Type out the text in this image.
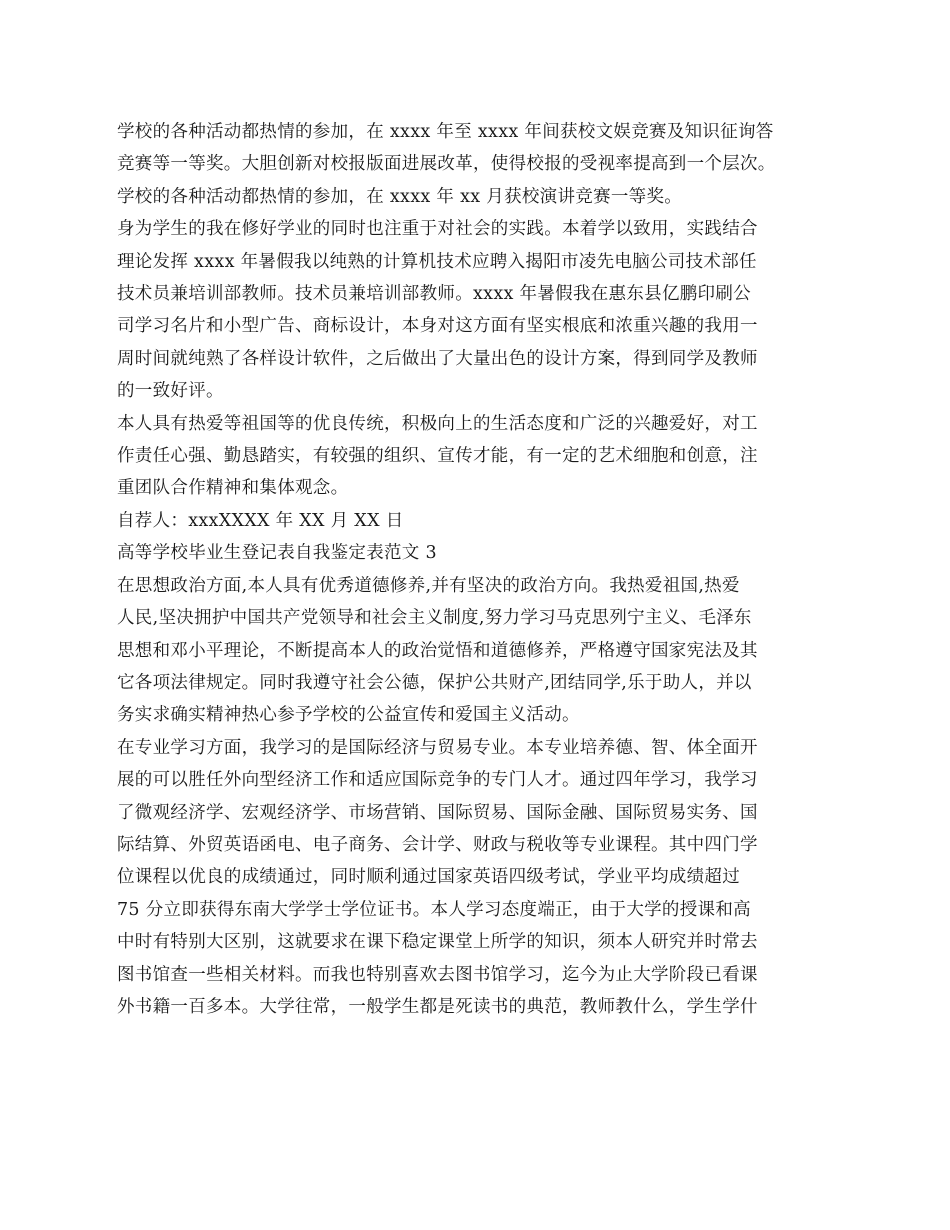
学校的各种活动都热情的参加，在 xxxx 年至 xxxx 年间获校文娱竞赛及知识征询答
竞赛等一等奖。大胆创新对校报版面进展改革，使得校报的受视率提高到一个层次。
学校的各种活动都热情的参加，在 xxxx 年 xx 月获校演讲竞赛一等奖。
身为学生的我在修好学业的同时也注重于对社会的实践。本着学以致用，实践结合
理论发挥 xxxx 年暑假我以纯熟的计算机技术应聘入揭阳市凌先电脑公司技术部任
技术员兼培训部教师。技术员兼培训部教师。xxxx 年暑假我在惠东县亿鹏印刷公
司学习名片和小型广告、商标设计，本身对这方面有坚实根底和浓重兴趣的我用一
周时间就纯熟了各样设计软件，之后做出了大量出色的设计方案，得到同学及教师
的一致好评。
本人具有热爱等祖国等的优良传统，积极向上的生活态度和广泛的兴趣爱好，对工
作责任心强、勤恳踏实，有较强的组织、宣传才能，有一定的艺术细胞和创意，注
重团队合作精神和集体观念。
自荐人：xxxXXXX 年 XX 月 XX 日
高等学校毕业生登记表自我鉴定表范文 3
在思想政治方面,本人具有优秀道德修养,并有坚决的政治方向。我热爱祖国,热爱
人民,坚决拥护中国共产党领导和社会主义制度,努力学习马克思列宁主义、毛泽东
思想和邓小平理论，不断提高本人的政治觉悟和道德修养，严格遵守国家宪法及其
它各项法律规定。同时我遵守社会公德，保护公共财产,团结同学,乐于助人，并以
务实求确实精神热心参予学校的公益宣传和爱国主义活动。
在专业学习方面，我学习的是国际经济与贸易专业。本专业培养德、智、体全面开
展的可以胜任外向型经济工作和适应国际竞争的专门人才。通过四年学习，我学习
了微观经济学、宏观经济学、市场营销、国际贸易、国际金融、国际贸易实务、国
际结算、外贸英语函电、电子商务、会计学、财政与税收等专业课程。其中四门学
位课程以优良的成绩通过，同时顺利通过国家英语四级考试，学业平均成绩超过
75 分立即获得东南大学学士学位证书。本人学习态度端正，由于大学的授课和高
中时有特别大区别，这就要求在课下稳定课堂上所学的知识，须本人研究并时常去
图书馆查一些相关材料。而我也特别喜欢去图书馆学习，迄今为止大学阶段已看课
外书籍一百多本。大学往常，一般学生都是死读书的典范，教师教什么，学生学什
